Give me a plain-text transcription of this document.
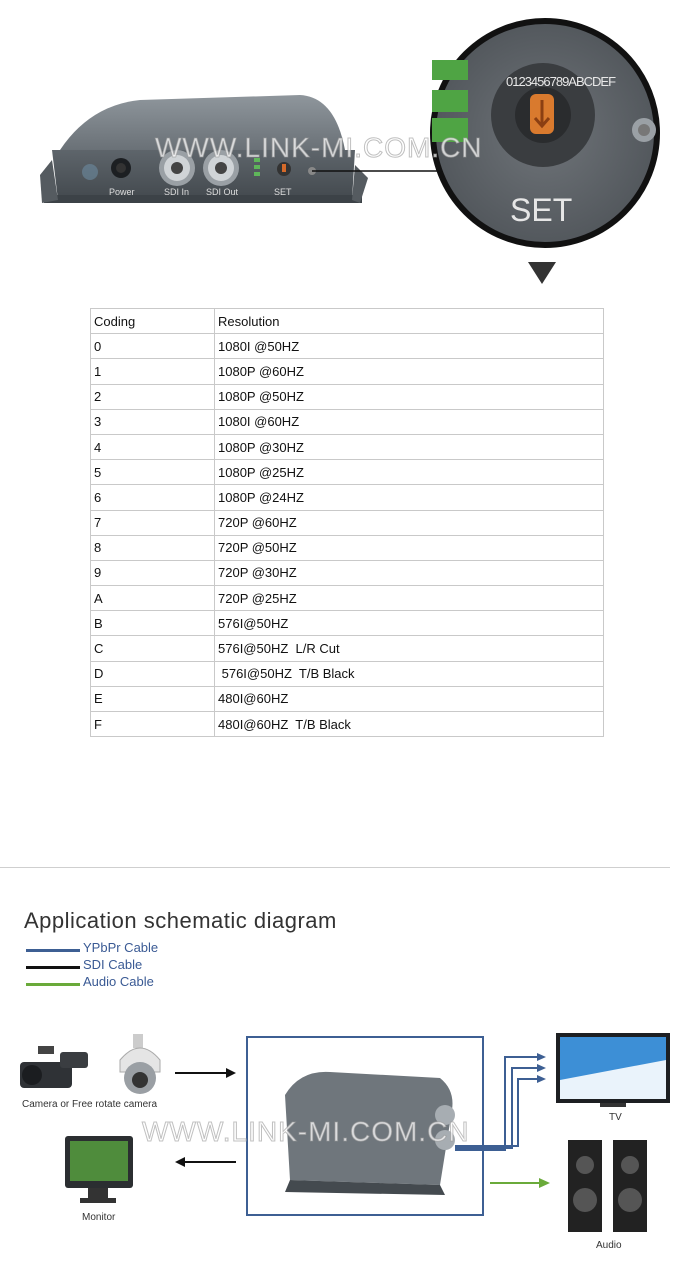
Power	SDI In SDI Out	SET
0123456789ABCDEF
SET
WWW.LINK-MI.COM.CN
Coding	Resolution
0	1080I @50HZ
1	1080P @60HZ
2	1080P @50HZ
3	1080I @60HZ
4	1080P @30HZ
5	1080P @25HZ
6	1080P @24HZ
7	720P @60HZ
8	720P @50HZ
9	720P @30HZ
A	720P @25HZ
B	576I@50HZ
C	576I@50HZ  L/R Cut
D	576I@50HZ  T/B Black
E	480I@60HZ
F	480I@60HZ  T/B Black
Application schematic diagram
YPbPr Cable
SDI Cable
Audio Cable
Camera or Free rotate camera
Monitor
TV
Audio
WWW.LINK-MI.COM.CN
